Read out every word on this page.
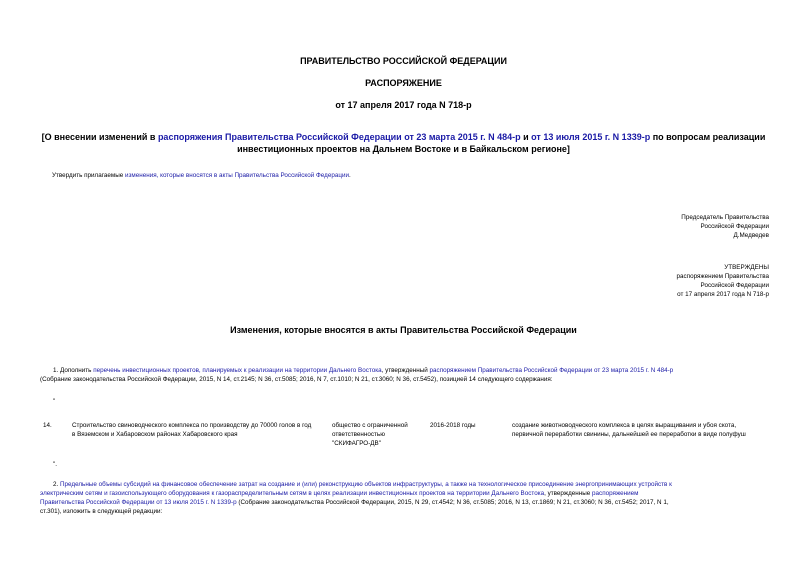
ПРАВИТЕЛЬСТВО РОССИЙСКОЙ ФЕДЕРАЦИИ
РАСПОРЯЖЕНИЕ
от 17 апреля 2017 года N 718-р
[О внесении изменений в распоряжения Правительства Российской Федерации от 23 марта 2015 г. N 484-р и от 13 июля 2015 г. N 1339-р по вопросам реализации
инвестиционных проектов на Дальнем Востоке и в Байкальском регионе]
Утвердить прилагаемые изменения, которые вносятся в акты Правительства Российской Федерации.
Председатель Правительства
Российской Федерации
Д.Медведев
УТВЕРЖДЕНЫ
распоряжением Правительства
Российской Федерации
от 17 апреля 2017 года N 718-р
Изменения, которые вносятся в акты Правительства Российской Федерации
1. Дополнить перечень инвестиционных проектов, планируемых к реализации на территории Дальнего Востока, утвержденный распоряжением Правительства Российской Федерации от 23 марта 2015 г. N 484-р
(Собрание законодательства Российской Федерации, 2015, N 14, ст.2145; N 36, ст.5085; 2016, N 7, ст.1010; N 21, ст.3060; N 36, ст.5452), позицией 14 следующего содержания:
"
14.	Строительство свиноводческого комплекса по производству до 70000 голов в год
в Вяземском и Хабаровском районах Хабаровского края
общество с ограниченной
ответственностью
"СКИФАГРО-ДВ"
2016-2018 годы	создание животноводческого комплекса в целях выращивания и убоя скота,
первичной переработки свинины, дальнейшей ее переработки в виде полуфуш
".
2. Предельные объемы субсидий на финансовое обеспечение затрат на создание и (или) реконструкцию объектов инфраструктуры, а также на технологическое присоединение энергопринимающих устройств к
электрическим сетям и газоиспользующего оборудования к газораспределительным сетям в целях реализации инвестиционных проектов на территории Дальнего Востока, утвержденные распоряжением
Правительства Российской Федерации от 13 июля 2015 г. N 1339-р (Собрание законодательства Российской Федерации, 2015, N 29, ст.4542; N 36, ст.5085; 2016, N 13, ст.1869; N 21, ст.3060; N 36, ст.5452; 2017, N 1,
ст.301), изложить в следующей редакции:
